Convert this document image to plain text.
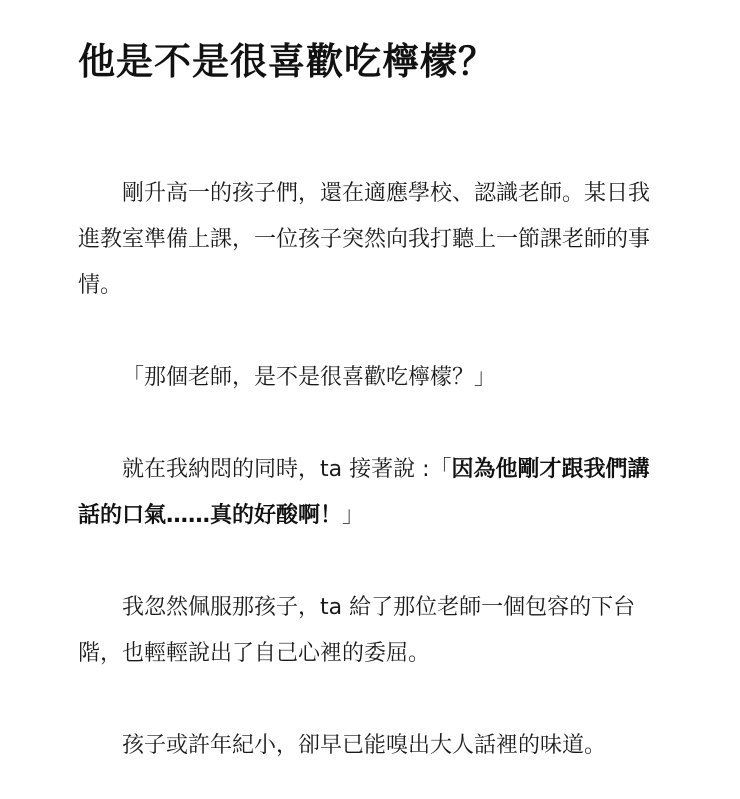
他是不是很喜歡吃檸檬？

剛升高一的孩子們，還在適應學校、認識老師。某日我進教室準備上課，一位孩子突然向我打聽上一節課老師的事情。

「那個老師，是不是很喜歡吃檸檬？」

就在我納悶的同時，ta 接著說 :「因為他剛才跟我們講話的口氣……真的好酸啊！」

我忽然佩服那孩子，ta 給了那位老師一個包容的下台階，也輕輕說出了自己心裡的委屈。

孩子或許年紀小，卻早已能嗅出大人話裡的味道。
